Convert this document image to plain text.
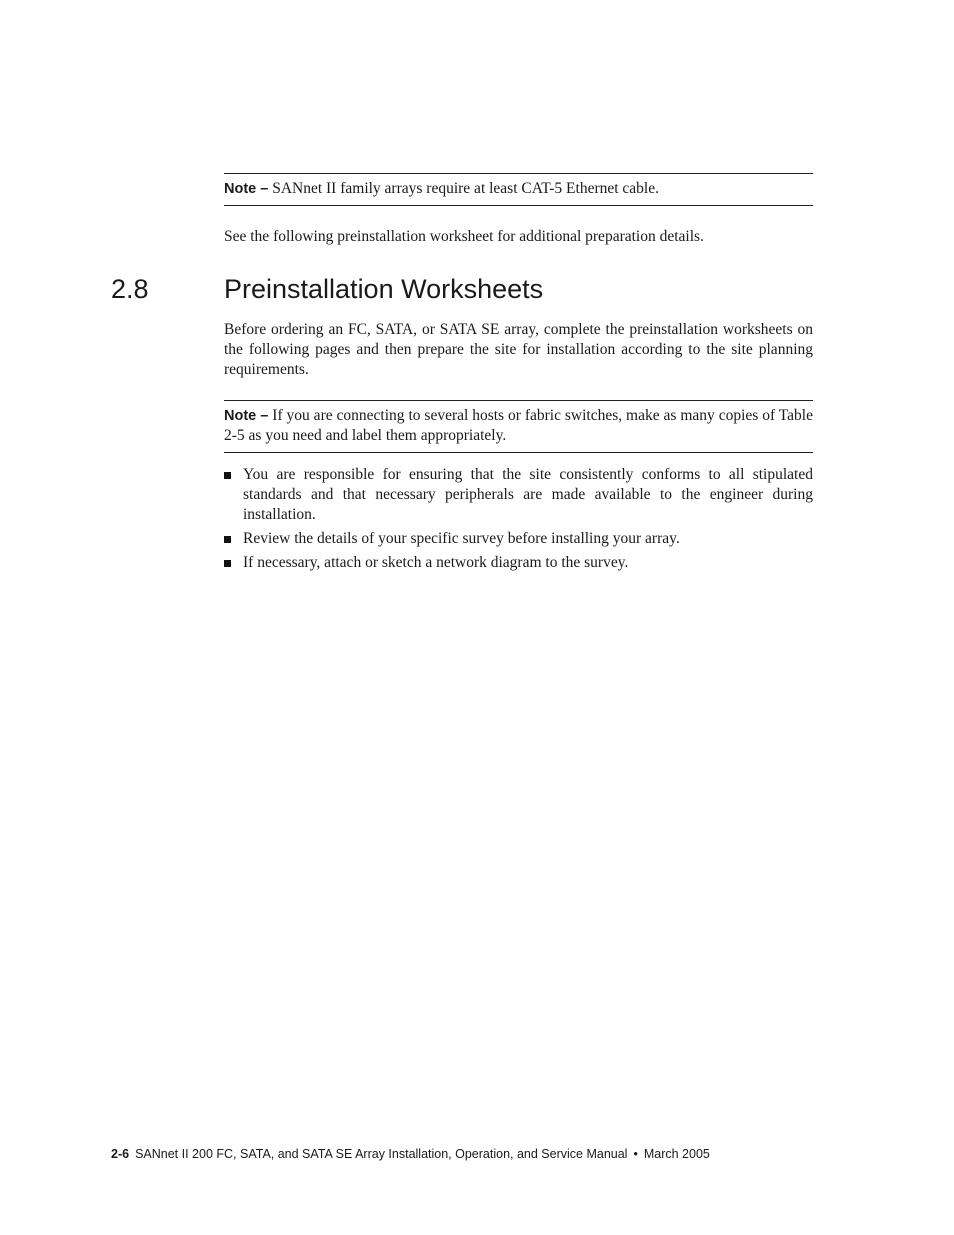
Note – SANnet II family arrays require at least CAT-5 Ethernet cable.

See the following preinstallation worksheet for additional preparation details.

2.8	Preinstallation Worksheets

Before ordering an FC, SATA, or SATA SE array, complete the preinstallation worksheets on the following pages and then prepare the site for installation according to the site planning requirements.

Note – If you are connecting to several hosts or fabric switches, make as many copies of Table 2-5 as you need and label them appropriately.
You are responsible for ensuring that the site consistently conforms to all stipulated standards and that necessary peripherals are made available to the engineer during installation.
Review the details of your specific survey before installing your array.
If necessary, attach or sketch a network diagram to the survey.
2-6 SANnet II 200 FC, SATA, and SATA SE Array Installation, Operation, and Service Manual • March 2005
